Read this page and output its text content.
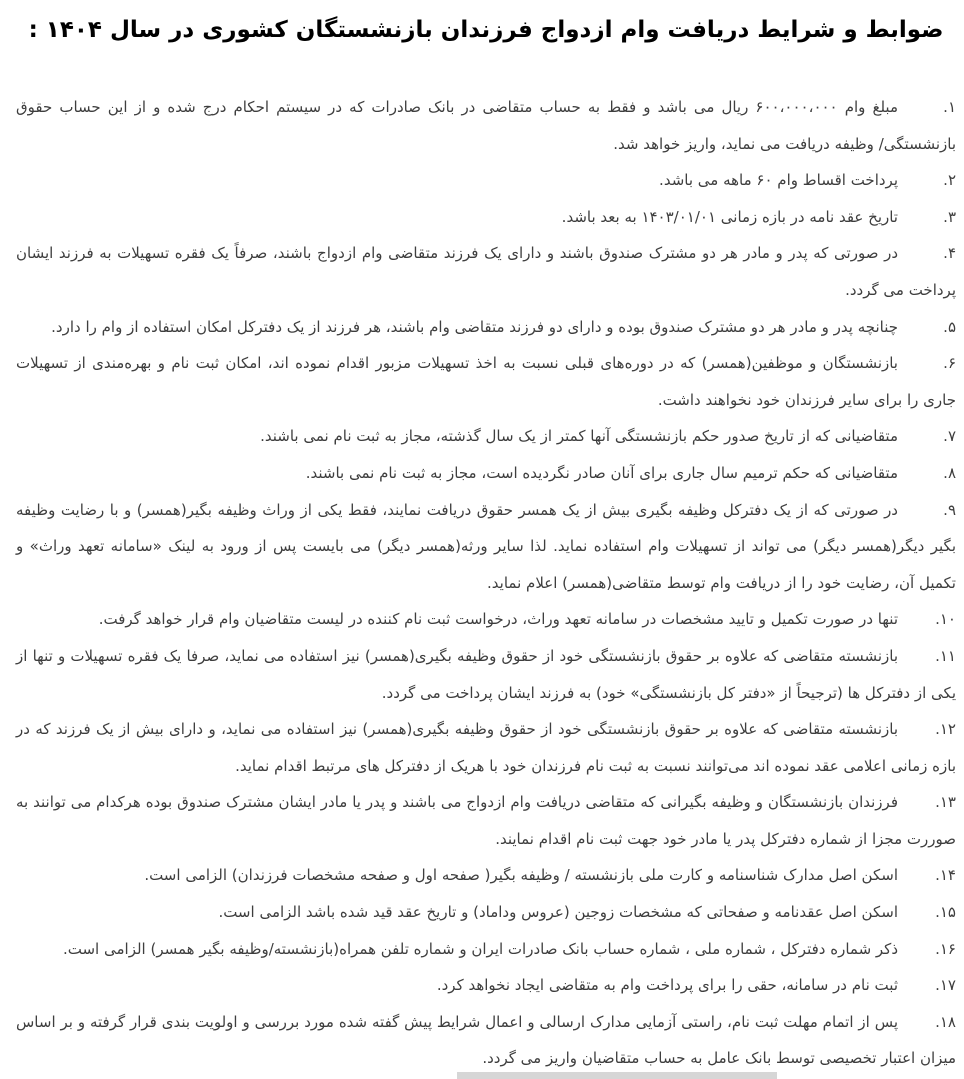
ضوابط و شرایط دریافت وام ازدواج فرزندان بازنشستگان کشوری در سال ۱۴۰۴ :
۱.مبلغ وام ۶۰۰،۰۰۰،۰۰۰ ریال می باشد و فقط به حساب متقاضی در بانک صادرات که در سیستم احکام درج شده و از این حساب حقوق بازنشستگی/ وظیفه دریافت می نماید، واریز خواهد شد.
۲.پرداخت اقساط وام ۶۰ ماهه می باشد.
۳.تاریخ عقد نامه در بازه زمانی ۱۴۰۳/۰۱/۰۱ به بعد باشد.
۴.در صورتی که پدر و مادر هر دو مشترک صندوق باشند و دارای یک فرزند متقاضی وام ازدواج باشند، صرفاً یک فقره تسهیلات به فرزند ایشان پرداخت می گردد.
۵.چنانچه پدر و مادر هر دو مشترک صندوق بوده و دارای دو فرزند متقاضی وام باشند، هر فرزند از یک دفترکل امکان استفاده از وام را دارد.
۶.بازنشستگان و موظفین(همسر) که در دوره‌های قبلی نسبت به اخذ تسهیلات مزبور اقدام نموده اند، امکان ثبت نام و بهره‌مندی از تسهیلات جاری را برای سایر فرزندان خود نخواهند داشت.
۷.متقاضیانی که از تاریخ صدور حکم بازنشستگی آنها کمتر از یک سال گذشته، مجاز به ثبت نام نمی باشند.
۸.متقاضیانی که حکم ترمیم سال جاری برای آنان صادر نگردیده است، مجاز به ثبت نام نمی باشند.
۹.در صورتی که از یک دفترکل وظیفه بگیری بیش از یک همسر حقوق دریافت نمایند، فقط یکی از وراث وظیفه بگیر(همسر) و با رضایت وظیفه بگیر دیگر(همسر دیگر) می تواند از تسهیلات وام استفاده نماید. لذا سایر ورثه(همسر دیگر) می بایست پس از ورود به لینک «سامانه تعهد وراث» و تکمیل آن، رضایت خود را از دریافت وام توسط متقاضی(همسر) اعلام نماید.
۱۰.تنها در صورت تکمیل و تایید مشخصات در سامانه تعهد وراث، درخواست ثبت نام کننده در لیست متقاضیان وام قرار خواهد گرفت.
۱۱.بازنشسته متقاضی که علاوه بر حقوق بازنشستگی خود از حقوق وظیفه بگیری(همسر) نیز استفاده می نماید، صرفا یک فقره تسهیلات و تنها از یکی از دفترکل ها (ترجیحاً از «دفتر کل بازنشستگی» خود) به فرزند ایشان پرداخت می گردد.
۱۲.بازنشسته متقاضی که علاوه بر حقوق بازنشستگی خود از حقوق وظیفه بگیری(همسر) نیز استفاده می نماید، و دارای بیش از یک فرزند که در بازه زمانی اعلامی عقد نموده اند می‌توانند نسبت به ثبت نام فرزندان خود با هریک از دفترکل های مرتبط اقدام نماید.
۱۳.فرزندان بازنشستگان و وظیفه بگیرانی که متقاضی دریافت وام ازدواج می باشند و پدر یا مادر ایشان مشترک صندوق بوده هرکدام می توانند به صوررت مجزا از شماره دفترکل پدر یا مادر خود جهت ثبت نام اقدام نمایند.
۱۴.اسکن اصل مدارک شناسنامه و کارت ملی بازنشسته / وظیفه بگیر( صفحه اول و صفحه مشخصات فرزندان) الزامی است.
۱۵.اسکن اصل عقدنامه و صفحاتی که مشخصات زوجین (عروس وداماد) و تاریخ عقد قید شده باشد الزامی است.
۱۶.ذکر شماره دفترکل ، شماره ملی ، شماره حساب بانک صادرات ایران و شماره تلفن همراه(بازنشسته/وظیفه بگیر همسر) الزامی است.
۱۷.ثبت نام در سامانه، حقی را برای پرداخت وام به متقاضی ایجاد نخواهد کرد.
۱۸.پس از اتمام مهلت ثبت نام، راستی آزمایی مدارک ارسالی و اعمال شرایط پیش گفته شده مورد بررسی و اولویت بندی قرار گرفته و بر اساس میزان اعتبار تخصیصی توسط بانک عامل به حساب متقاضیان واریز می گردد.
